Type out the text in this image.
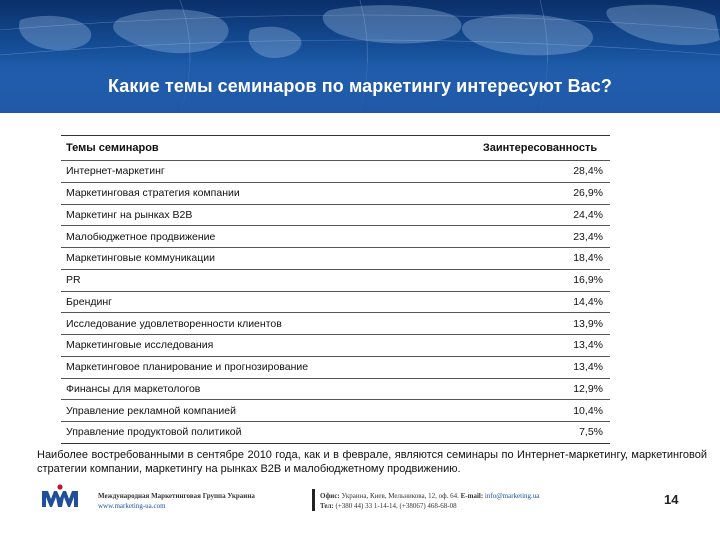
Какие темы семинаров по маркетингу интересуют Вас?
Темы семинаров	Заинтересованность
Интернет-маркетинг	28,4%
Маркетинговая стратегия компании	26,9%
Маркетинг на рынках B2B	24,4%
Малобюджетное продвижение	23,4%
Маркетинговые коммуникации	18,4%
PR	16,9%
Брендинг	14,4%
Исследование удовлетворенности клиентов	13,9%
Маркетинговые исследования	13,4%
Маркетинговое планирование и прогнозирование	13,4%
Финансы для маркетологов	12,9%
Управление рекламной компанией	10,4%
Управление продуктовой политикой	7,5%
Наиболее востребованными в сентябре 2010 года, как и в феврале, являются семинары по Интернет-маркетингу, маркетинговой стратегии компании, маркетингу на рынках B2B и малобюджетному продвижению.
Международная Маркетинговая Группа Украина
www.marketing-ua.com
Офис: Украина, Киев, Мельникова, 12, оф. 64. E-mail: info@marketing.ua
Тел: (+380 44) 33 1-14-14, (+38067) 468-68-08	14
